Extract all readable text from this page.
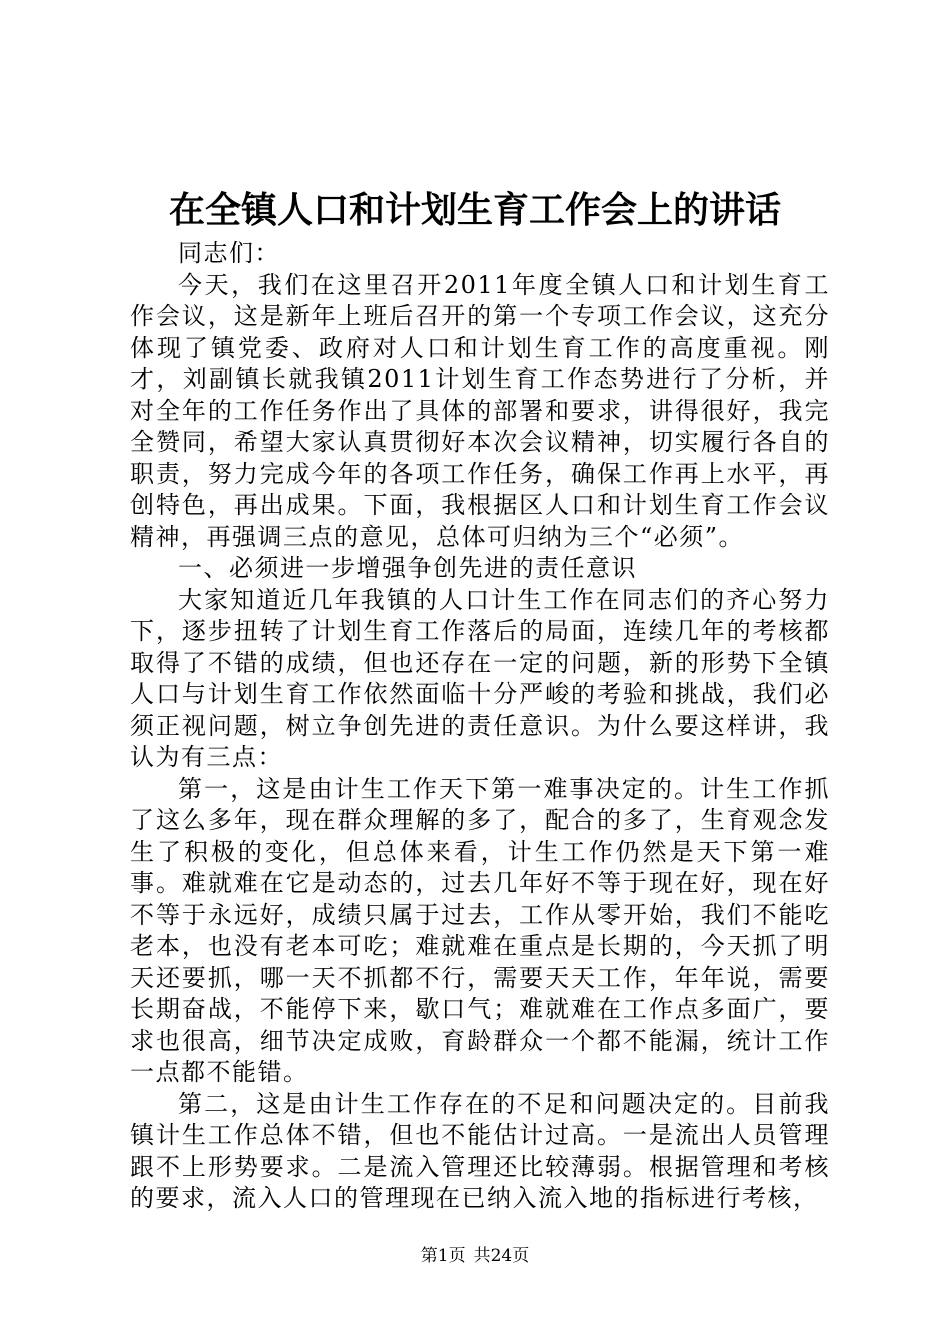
在全镇人口和计划生育工作会上的讲话

同志们：

今天，我们在这里召开2011年度全镇人口和计划生育工作会议，这是新年上班后召开的第一个专项工作会议，这充分体现了镇党委、政府对人口和计划生育工作的高度重视。刚才，刘副镇长就我镇2011计划生育工作态势进行了分析，并对全年的工作任务作出了具体的部署和要求，讲得很好，我完全赞同，希望大家认真贯彻好本次会议精神，切实履行各自的职责，努力完成今年的各项工作任务，确保工作再上水平，再创特色，再出成果。下面，我根据区人口和计划生育工作会议精神，再强调三点的意见，总体可归纳为三个“必须”。

一、必须进一步增强争创先进的责任意识

大家知道近几年我镇的人口计生工作在同志们的齐心努力下，逐步扭转了计划生育工作落后的局面，连续几年的考核都取得了不错的成绩，但也还存在一定的问题，新的形势下全镇人口与计划生育工作依然面临十分严峻的考验和挑战，我们必须正视问题，树立争创先进的责任意识。为什么要这样讲，我认为有三点：

第一，这是由计生工作天下第一难事决定的。计生工作抓了这么多年，现在群众理解的多了，配合的多了，生育观念发生了积极的变化，但总体来看，计生工作仍然是天下第一难事。难就难在它是动态的，过去几年好不等于现在好，现在好不等于永远好，成绩只属于过去，工作从零开始，我们不能吃老本，也没有老本可吃；难就难在重点是长期的，今天抓了明天还要抓，哪一天不抓都不行，需要天天工作，年年说，需要长期奋战，不能停下来，歇口气；难就难在工作点多面广，要求也很高，细节决定成败，育龄群众一个都不能漏，统计工作一点都不能错。

第二，这是由计生工作存在的不足和问题决定的。目前我镇计生工作总体不错，但也不能估计过高。一是流出人员管理跟不上形势要求。二是流入管理还比较薄弱。根据管理和考核的要求，流入人口的管理现在已纳入流入地的指标进行考核，

第1页 共24页
